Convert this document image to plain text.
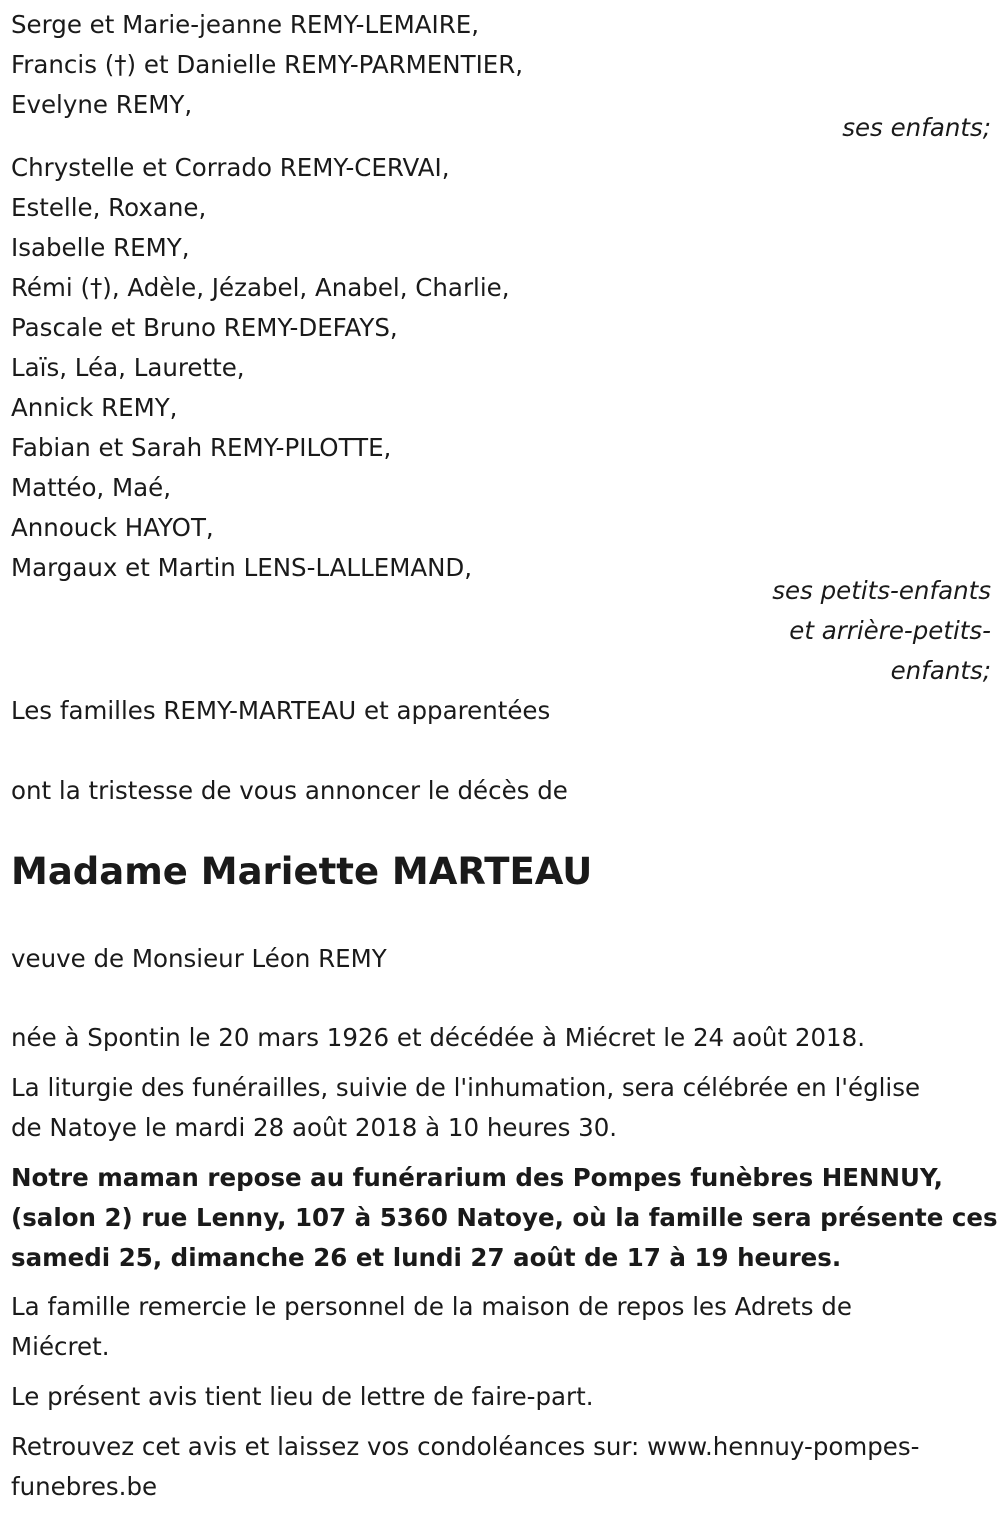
Serge et Marie-jeanne REMY-LEMAIRE,
Francis (†) et Danielle REMY-PARMENTIER,
Evelyne REMY,
ses enfants;
Chrystelle et Corrado REMY-CERVAI,
Estelle, Roxane,
Isabelle REMY,
Rémi (†), Adèle, Jézabel, Anabel, Charlie,
Pascale et Bruno REMY-DEFAYS,
Laïs, Léa, Laurette,
Annick REMY,
Fabian et Sarah REMY-PILOTTE,
Mattéo, Maé,
Annouck HAYOT,
Margaux et Martin LENS-LALLEMAND,
ses petits-enfants
et arrière-petits-
enfants;
Les familles REMY-MARTEAU et apparentées
ont la tristesse de vous annoncer le décès de
Madame Mariette MARTEAU
veuve de Monsieur Léon REMY
née à Spontin le 20 mars 1926 et décédée à Miécret le 24 août 2018.
La liturgie des funérailles, suivie de l'inhumation, sera célébrée en l'église
de Natoye le mardi 28 août 2018 à 10 heures 30.
Notre maman repose au funérarium des Pompes funèbres HENNUY,
(salon 2) rue Lenny, 107 à 5360 Natoye, où la famille sera présente ces
samedi 25, dimanche 26 et lundi 27 août de 17 à 19 heures.
La famille remercie le personnel de la maison de repos les Adrets de
Miécret.
Le présent avis tient lieu de lettre de faire-part.
Retrouvez cet avis et laissez vos condoléances sur: www.hennuy-pompes-
funebres.be
